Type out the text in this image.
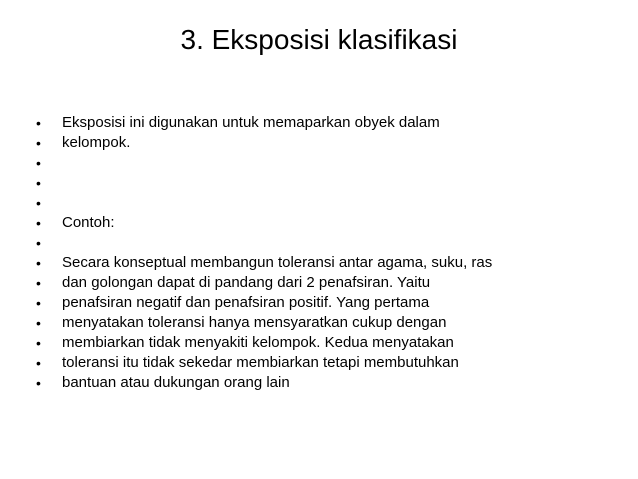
3. Eksposisi klasifikasi
•	Eksposisi ini digunakan untuk memaparkan obyek dalam
•	kelompok.
•
•
•
•	Contoh:
•
•	Secara konseptual membangun toleransi antar agama, suku, ras
•	dan golongan dapat di pandang dari 2 penafsiran. Yaitu
•	penafsiran negatif dan penafsiran positif. Yang pertama
•	menyatakan toleransi hanya mensyaratkan cukup dengan
•	membiarkan tidak menyakiti kelompok. Kedua menyatakan
•	toleransi itu tidak sekedar membiarkan tetapi membutuhkan
•	bantuan atau dukungan orang lain
